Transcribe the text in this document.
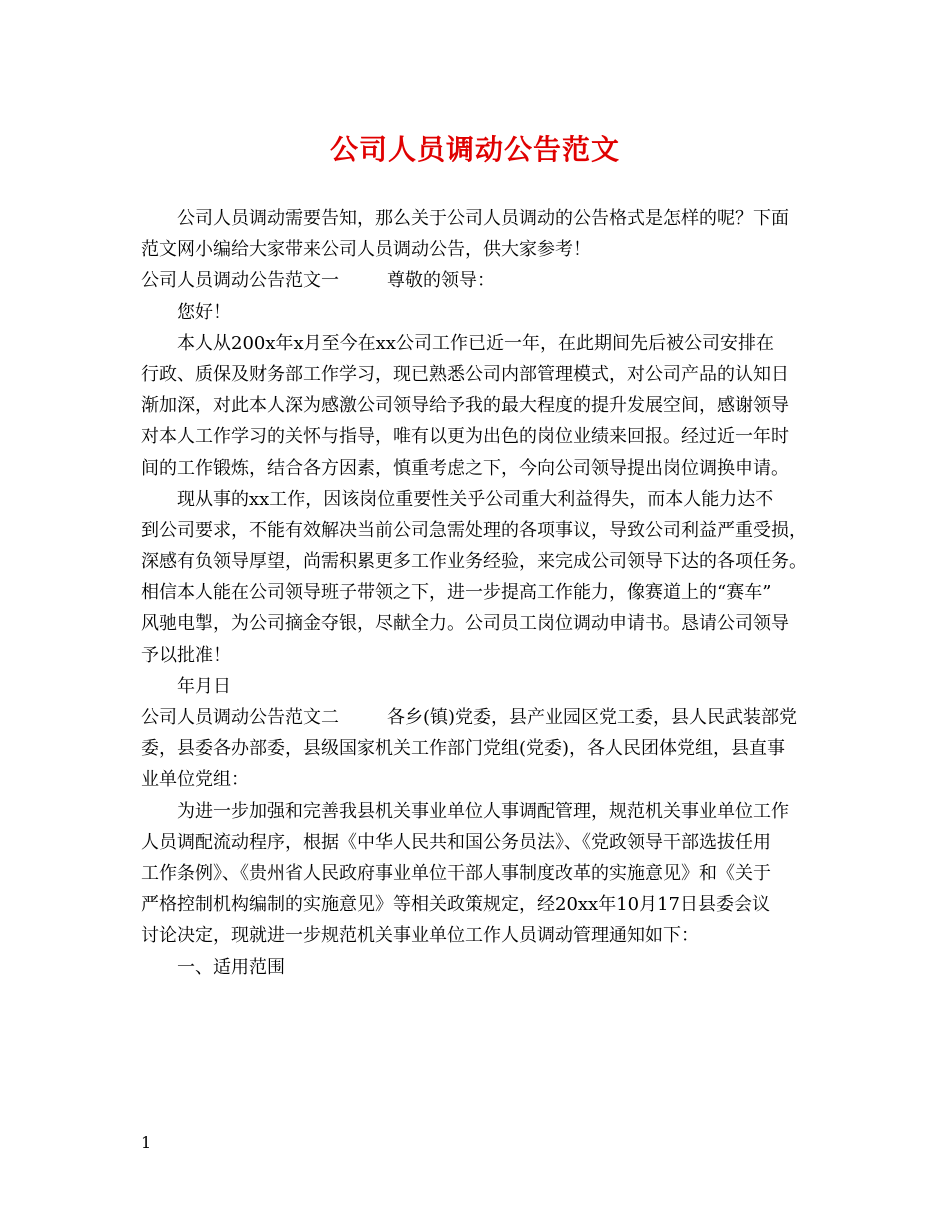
公司人员调动公告范文
公司人员调动需要告知，那么关于公司人员调动的公告格式是怎样的呢？下面
范文网小编给大家带来公司人员调动公告，供大家参考！
公司人员调动公告范文一	尊敬的领导：
您好！
本人从200x年x月至今在xx公司工作已近一年，在此期间先后被公司安排在
行政、质保及财务部工作学习，现已熟悉公司内部管理模式，对公司产品的认知日
渐加深，对此本人深为感激公司领导给予我的最大程度的提升发展空间，感谢领导
对本人工作学习的关怀与指导，唯有以更为出色的岗位业绩来回报。经过近一年时
间的工作锻炼，结合各方因素，慎重考虑之下，今向公司领导提出岗位调换申请。
现从事的xx工作，因该岗位重要性关乎公司重大利益得失，而本人能力达不
到公司要求，不能有效解决当前公司急需处理的各项事议，导致公司利益严重受损，
深感有负领导厚望，尚需积累更多工作业务经验，来完成公司领导下达的各项任务。
相信本人能在公司领导班子带领之下，进一步提高工作能力，像赛道上的“赛车”
风驰电掣，为公司摘金夺银，尽献全力。公司员工岗位调动申请书。恳请公司领导
予以批准！
年月日
公司人员调动公告范文二	各乡(镇)党委，县产业园区党工委，县人民武装部党
委，县委各办部委，县级国家机关工作部门党组(党委)，各人民团体党组，县直事
业单位党组：
为进一步加强和完善我县机关事业单位人事调配管理，规范机关事业单位工作
人员调配流动程序，根据《中华人民共和国公务员法》、《党政领导干部选拔任用
工作条例》、《贵州省人民政府事业单位干部人事制度改革的实施意见》和《关于
严格控制机构编制的实施意见》等相关政策规定，经20xx年10月17日县委会议
讨论决定，现就进一步规范机关事业单位工作人员调动管理通知如下：
一、适用范围
1
